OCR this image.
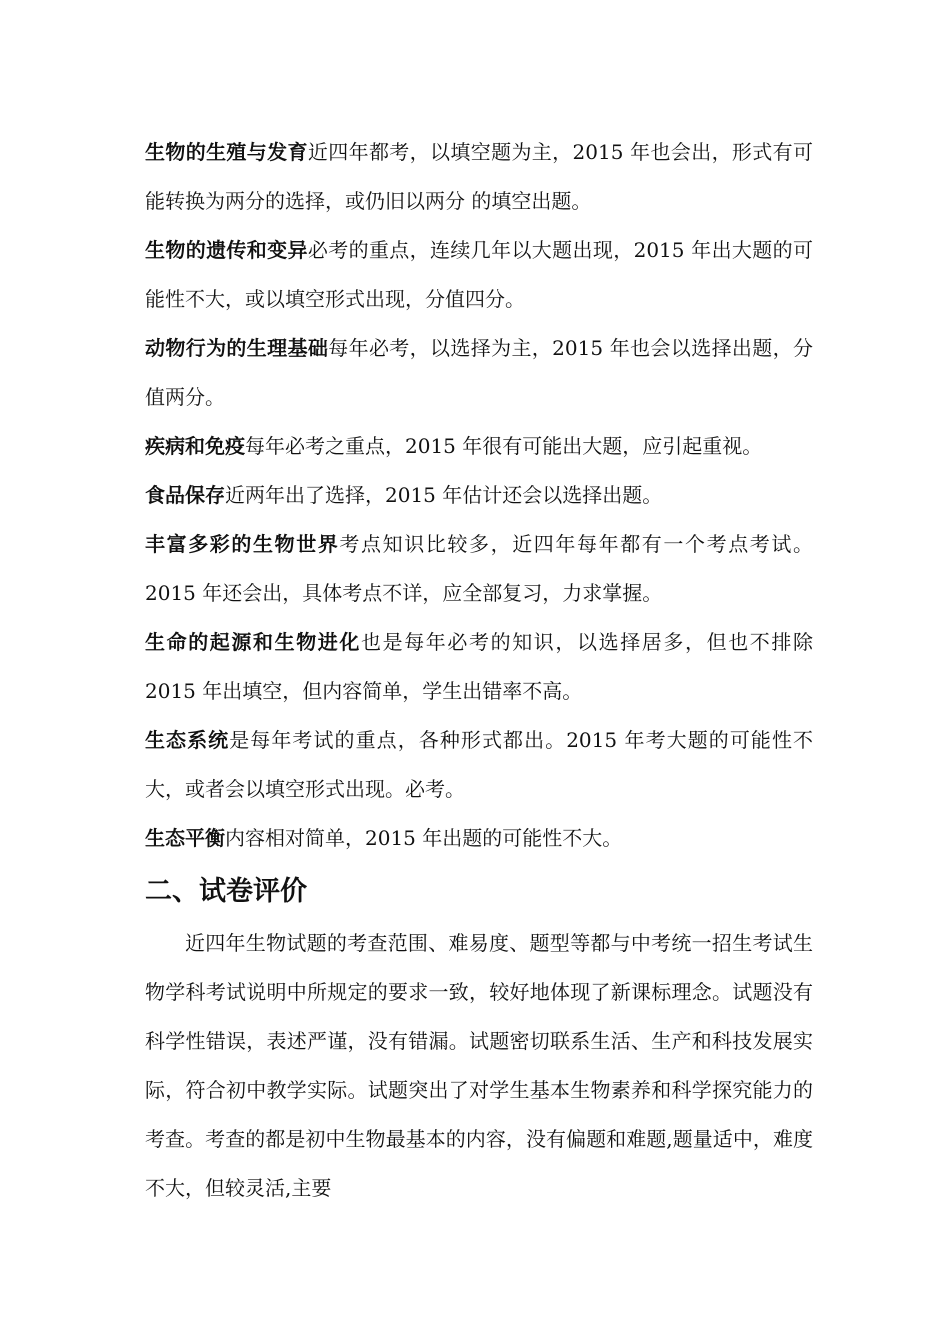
生物的生殖与发育近四年都考，以填空题为主，2015 年也会出，形式有可能转换为两分的选择，或仍旧以两分 的填空出题。

生物的遗传和变异必考的重点，连续几年以大题出现，2015 年出大题的可能性不大，或以填空形式出现，分值四分。

动物行为的生理基础每年必考，以选择为主，2015 年也会以选择出题，分值两分。

疾病和免疫每年必考之重点，2015 年很有可能出大题，应引起重视。

食品保存近两年出了选择，2015 年估计还会以选择出题。

丰富多彩的生物世界考点知识比较多，近四年每年都有一个考点考试。2015 年还会出，具体考点不详，应全部复习，力求掌握。

生命的起源和生物进化也是每年必考的知识，以选择居多，但也不排除 2015 年出填空，但内容简单，学生出错率不高。

生态系统是每年考试的重点，各种形式都出。2015 年考大题的可能性不大，或者会以填空形式出现。必考。

生态平衡内容相对简单，2015 年出题的可能性不大。

二、试卷评价

近四年生物试题的考查范围、难易度、题型等都与中考统一招生考试生物学科考试说明中所规定的要求一致，较好地体现了新课标理念。试题没有科学性错误，表述严谨，没有错漏。试题密切联系生活、生产和科技发展实际，符合初中教学实际。试题突出了对学生基本生物素养和科学探究能力的考查。考查的都是初中生物最基本的内容，没有偏题和难题,题量适中，难度不大，但较灵活,主要
